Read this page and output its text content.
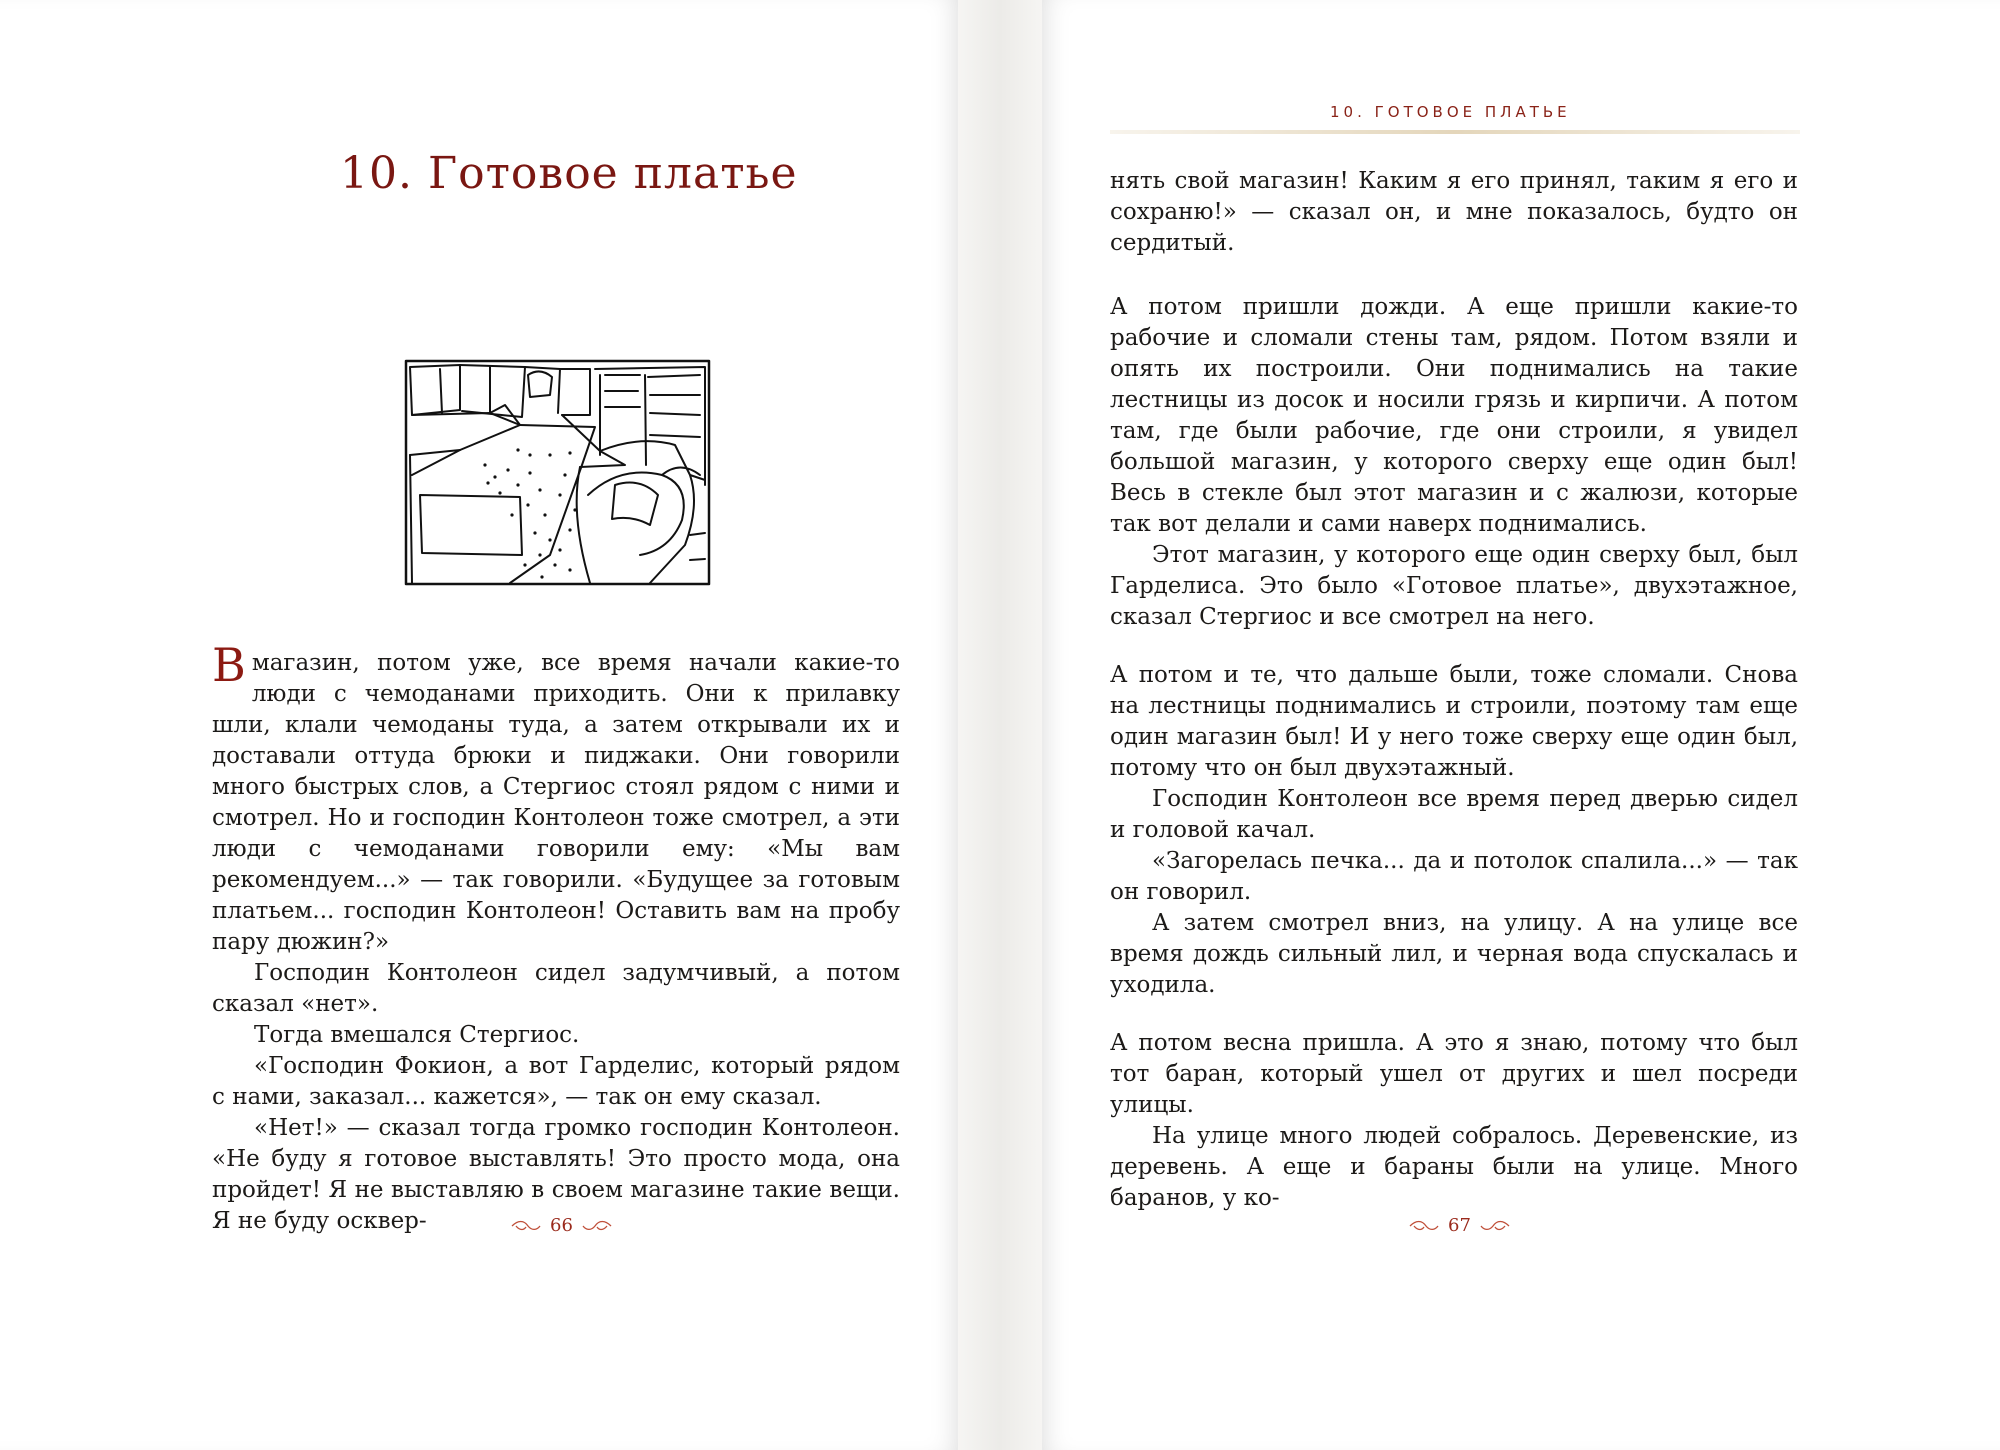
10. Готовое платье

В магазин, потом уже, все время начали какие-то люди с чемоданами приходить. Они к прилавку шли, клали чемоданы туда, а затем открывали их и доставали оттуда брюки и пиджаки. Они говорили много быстрых слов, а Стергиос стоял рядом с ними и смотрел. Но и господин Контолеон тоже смотрел, а эти люди с чемоданами говорили ему: «Мы вам рекомендуем...» — так говорили. «Будущее за готовым платьем... господин Контолеон! Оставить вам на пробу пару дюжин?»

Господин Контолеон сидел задумчивый, а потом сказал «нет».

Тогда вмешался Стергиос.

«Господин Фокион, а вот Гарделис, который рядом с нами, заказал... кажется», — так он ему сказал.

«Нет!» — сказал тогда громко господин Контолеон. «Не буду я готовое выставлять! Это просто мода, она пройдет! Я не выставляю в своем магазине такие вещи. Я не буду осквер-	66
10. ГОТОВОЕ ПЛАТЬЕ

нять свой магазин! Каким я его принял, таким я его и сохраню!» — сказал он, и мне показалось, будто он сердитый.

А потом пришли дожди. А еще пришли какие-то рабочие и сломали стены там, рядом. Потом взяли и опять их построили. Они поднимались на такие лестницы из досок и носили грязь и кирпичи. А потом там, где были рабочие, где они строили, я увидел большой магазин, у которого сверху еще один был! Весь в стекле был этот магазин и с жалюзи, которые так вот делали и сами наверх поднимались.

Этот магазин, у которого еще один сверху был, был Гарделиса. Это было «Готовое платье», двухэтажное, сказал Стергиос и все смотрел на него.

А потом и те, что дальше были, тоже сломали. Снова на лестницы поднимались и строили, поэтому там еще один магазин был! И у него тоже сверху еще один был, потому что он был двухэтажный.

Господин Контолеон все время перед дверью сидел и головой качал.

«Загорелась печка... да и потолок спалила...» — так он говорил.

А затем смотрел вниз, на улицу. А на улице все время дождь сильный лил, и черная вода спускалась и уходила.

А потом весна пришла. А это я знаю, потому что был тот баран, который ушел от других и шел посреди улицы.

На улице много людей собралось. Деревенские, из деревень. А еще и бараны были на улице. Много баранов, у ко-

67
